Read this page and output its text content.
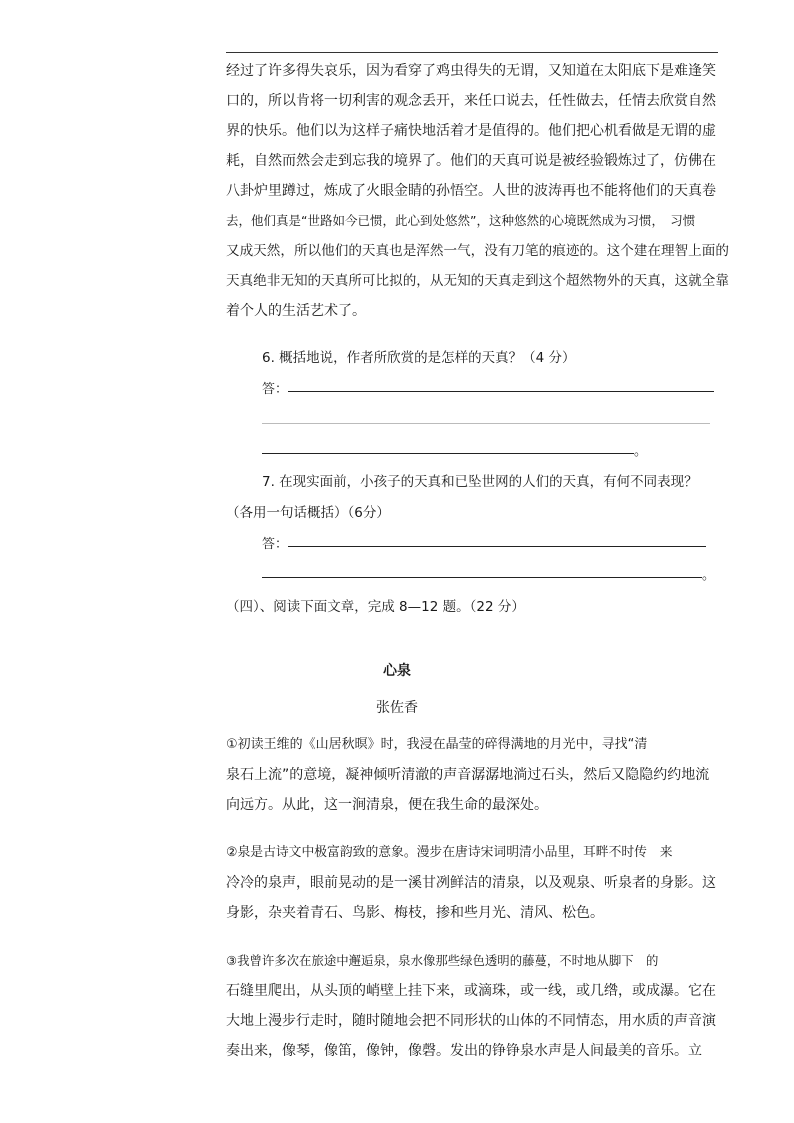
经过了许多得失哀乐，因为看穿了鸡虫得失的无谓，又知道在太阳底下是难逢笑
口的，所以肯将一切利害的观念丢开，来任口说去，任性做去，任情去欣赏自然
界的快乐。他们以为这样子痛快地活着才是值得的。他们把心机看做是无谓的虚
耗，自然而然会走到忘我的境界了。他们的天真可说是被经验锻炼过了，仿佛在
八卦炉里蹲过，炼成了火眼金睛的孙悟空。人世的波涛再也不能将他们的天真卷
去，他们真是“世路如今已惯，此心到处悠然”，这种悠然的心境既然成为习惯，　习惯
又成天然，所以他们的天真也是浑然一气，没有刀笔的痕迹的。这个建在理智上面的
天真绝非无知的天真所可比拟的，从无知的天真走到这个超然物外的天真，这就全靠
着个人的生活艺术了。

6. 概括地说，作者所欣赏的是怎样的天真？（4 分）

答：
。

7. 在现实面前，小孩子的天真和已坠世网的人们的天真，有何不同表现？

（各用一句话概括）（6分）

答：
。

（四）、阅读下面文章，完成 8—12 题。（22 分）

心泉
张佐香
①初读王维的《山居秋暝》时，我浸在晶莹的碎得满地的月光中，寻找“清
泉石上流”的意境，凝神倾听清澈的声音潺潺地淌过石头，然后又隐隐约约地流
向远方。从此，这一涧清泉，便在我生命的最深处。
②泉是古诗文中极富韵致的意象。漫步在唐诗宋词明清小品里，耳畔不时传　来
冷冷的泉声，眼前晃动的是一溪甘冽鲜洁的清泉，以及观泉、听泉者的身影。这
身影，杂夹着青石、鸟影、梅枝，掺和些月光、清风、松色。
③我曾许多次在旅途中邂逅泉，泉水像那些绿色透明的藤蔓，不时地从脚下　的
石缝里爬出，从头顶的峭壁上挂下来，或滴珠，或一线，或几绺，或成瀑。它在
大地上漫步行走时，随时随地会把不同形状的山体的不同情态，用水质的声音演
奏出来，像琴，像笛，像钟，像磬。发出的铮铮泉水声是人间最美的音乐。立
